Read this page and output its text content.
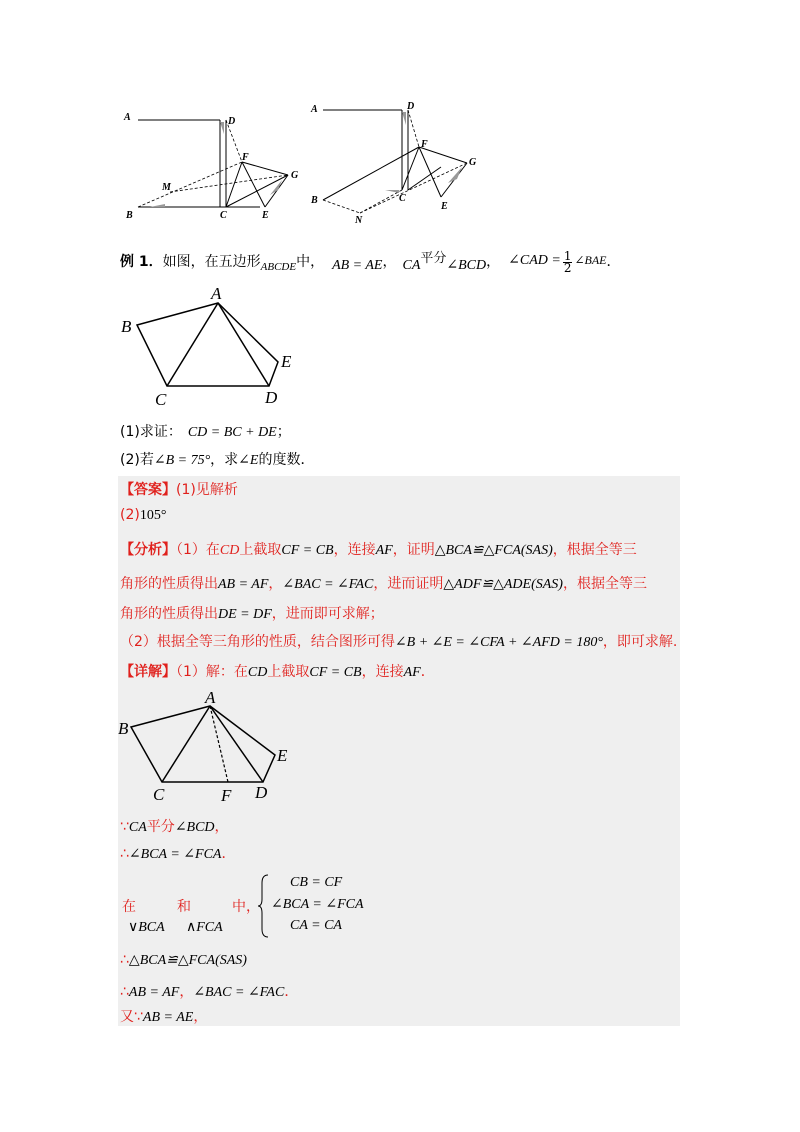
A	D
F
G
M
B	C	E
A	D
F
G
B
N
C
E
例 1．如图，在五边形$_{ABCDE}$中， AB = AE， CA平分∠BCD， ∠CAD = $\frac{1}{2}$ ∠BAE．
A
B
C	D
E
(1)求证： CD = BC + DE；
(2)若∠B = 75°，求∠E的度数．
【答案】(1)见解析
(2)105°
【分析】（1）在CD上截取CF = CB，连接AF，证明△BCA≌△FCA(SAS)，根据全等三
角形的性质得出AB = AF，∠BAC = ∠FAC，进而证明△ADF≌△ADE(SAS)，根据全等三
角形的性质得出DE = DF，进而即可求解；
（2）根据全等三角形的性质，结合图形可得∠B + ∠E = ∠CFA + ∠AFD = 180°，即可求解.
【详解】（1）解：在CD上截取CF = CB，连接AF．
A
B
C	F D
E
∵CA平分∠BCD，
∴∠BCA = ∠FCA．
在	和	中，
∨BCA ∧FCA
CB = CF
∠BCA = ∠FCA
CA = CA
∴△BCA≌△FCA(SAS)
∴AB = AF，∠BAC = ∠FAC．
又∵AB = AE，
